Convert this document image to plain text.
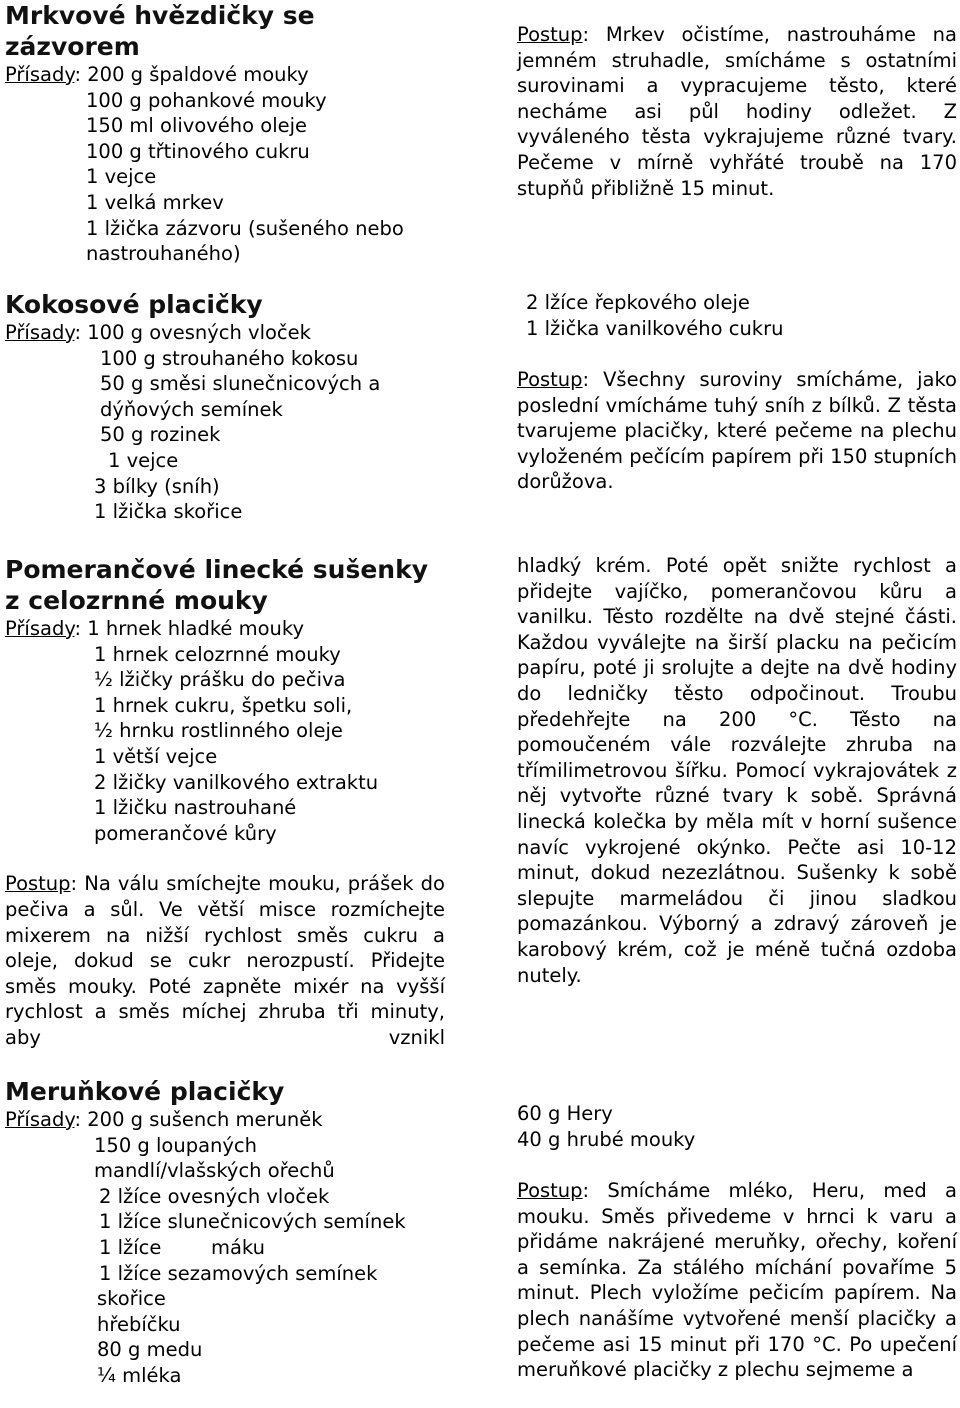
Mrkvové hvězdičky se
zázvorem
Přísady: 200 g špaldové mouky
100 g pohankové mouky
150 ml olivového oleje
100 g třtinového cukru
1 vejce
1 velká mrkev
1 lžička zázvoru (sušeného nebo
nastrouhaného)
Postup: Mrkev očistíme, nastrouháme na jemném struhadle, smícháme s ostatními surovinami a vypracujeme těsto, které necháme asi půl hodiny odležet. Z vyváleného těsta vykrajujeme různé tvary. Pečeme v mírně vyhřáté troubě na 170 stupňů přibližně 15 minut.
Kokosové placičky
Přísady: 100 g ovesných vloček
100 g strouhaného kokosu
50 g směsi slunečnicových a
dýňových semínek
50 g rozinek
1 vejce
3 bílky (sníh)
1 lžička skořice
2 lžíce řepkového oleje
1 lžička vanilkového cukru
Postup: Všechny suroviny smícháme, jako poslední vmícháme tuhý sníh z bílků. Z těsta tvarujeme placičky, které pečeme na plechu vyloženém pečícím papírem při 150 stupních dorůžova.
Pomerančové linecké sušenky
z celozrnné mouky
Přísady: 1 hrnek hladké mouky
1 hrnek celozrnné mouky
½ lžičky prášku do pečiva
1 hrnek cukru, špetku soli,
½ hrnku rostlinného oleje
1 větší vejce
2 lžičky vanilkového extraktu
1 lžičku nastrouhané
pomerančové kůry
Postup: Na válu smíchejte mouku, prášek do pečiva a sůl. Ve větší misce rozmíchejte mixerem na nižší rychlost směs cukru a oleje, dokud se cukr nerozpustí. Přidejte směs mouky. Poté zapněte mixér na vyšší rychlost a směs míchej zhruba tři minuty, aby vznikl
hladký krém. Poté opět snižte rychlost a přidejte vajíčko, pomerančovou kůru a vanilku. Těsto rozdělte na dvě stejné části. Každou vyválejte na širší placku na pečicím papíru, poté ji srolujte a dejte na dvě hodiny do ledničky těsto odpočinout. Troubu předehřejte na 200 °C. Těsto na pomoučeném vále rozválejte zhruba na třímilimetrovou šířku. Pomocí vykrajovátek z něj vytvořte různé tvary k sobě. Správná linecká kolečka by měla mít v horní sušence navíc vykrojené okýnko. Pečte asi 10-12 minut, dokud nezezlátnou. Sušenky k sobě slepujte marmeládou či jinou sladkou pomazánkou. Výborný a zdravý zároveň je karobový krém, což je méně tučná ozdoba nutely.
Meruňkové placičky
Přísady: 200 g sušench meruněk
150 g loupaných
mandlí/vlašských ořechů
2 lžíce ovesných vloček
1 lžíce slunečnicových semínek
1 lžíce        máku
1 lžíce sezamových semínek
skořice
hřebíčku
80 g medu
¼ mléka
60 g Hery
40 g hrubé mouky
Postup: Smícháme mléko, Heru, med a mouku. Směs přivedeme v hrnci k varu a přidáme nakrájené meruňky, ořechy, koření a semínka. Za stálého míchání povaříme 5 minut. Plech vyložíme pečicím papírem. Na plech nanášíme vytvořené menší placičky a pečeme asi 15 minut při 170 °C. Po upečení meruňkové placičky z plechu sejmeme a
